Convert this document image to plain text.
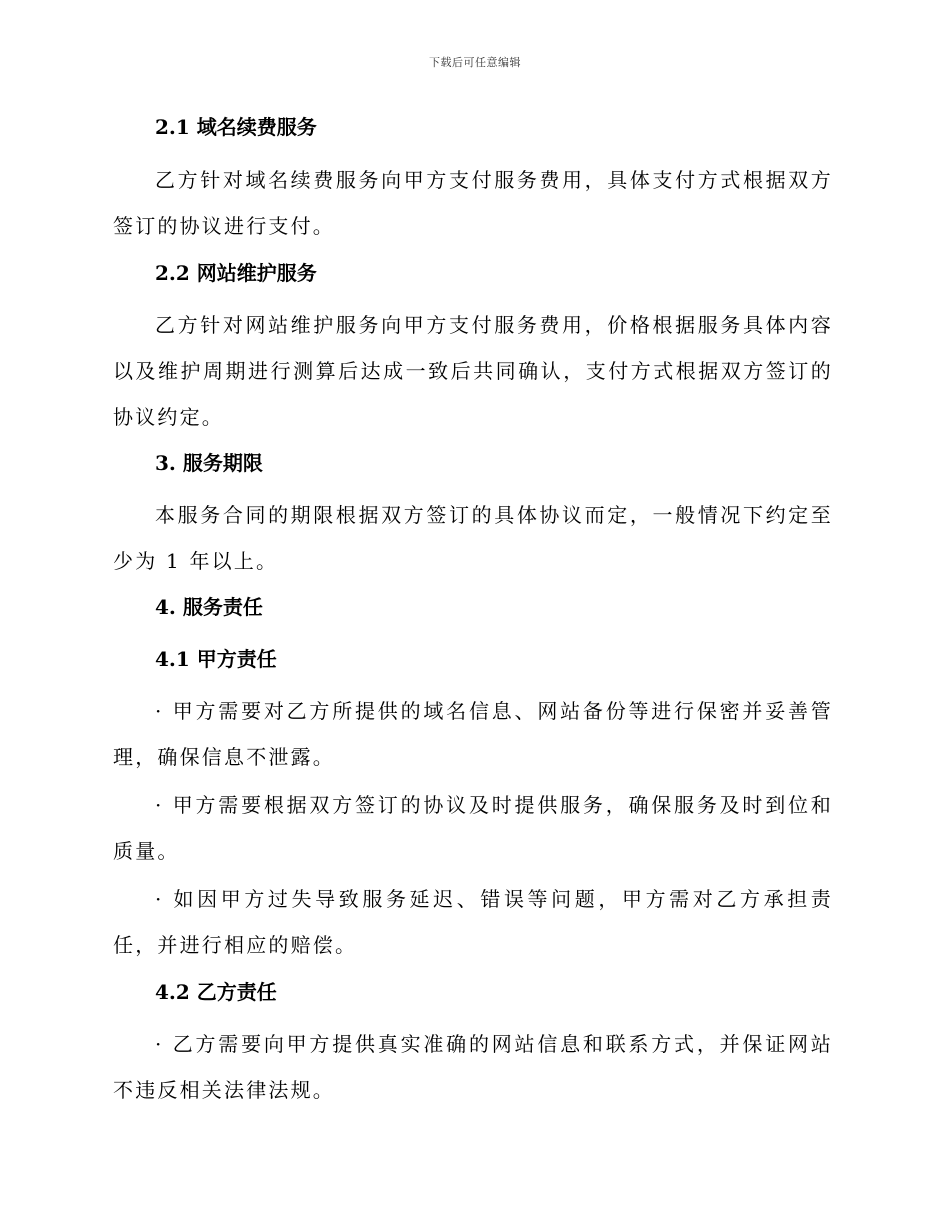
下载后可任意编辑
2.1 域名续费服务
乙方针对域名续费服务向甲方支付服务费用，具体支付方式根据双方签订的协议进行支付。
2.2 网站维护服务
乙方针对网站维护服务向甲方支付服务费用，价格根据服务具体内容以及维护周期进行测算后达成一致后共同确认，支付方式根据双方签订的协议约定。
3. 服务期限
本服务合同的期限根据双方签订的具体协议而定，一般情况下约定至少为 1 年以上。
4. 服务责任
4.1 甲方责任
· 甲方需要对乙方所提供的域名信息、网站备份等进行保密并妥善管理，确保信息不泄露。
· 甲方需要根据双方签订的协议及时提供服务，确保服务及时到位和质量。
· 如因甲方过失导致服务延迟、错误等问题，甲方需对乙方承担责任，并进行相应的赔偿。
4.2 乙方责任
· 乙方需要向甲方提供真实准确的网站信息和联系方式，并保证网站不违反相关法律法规。
